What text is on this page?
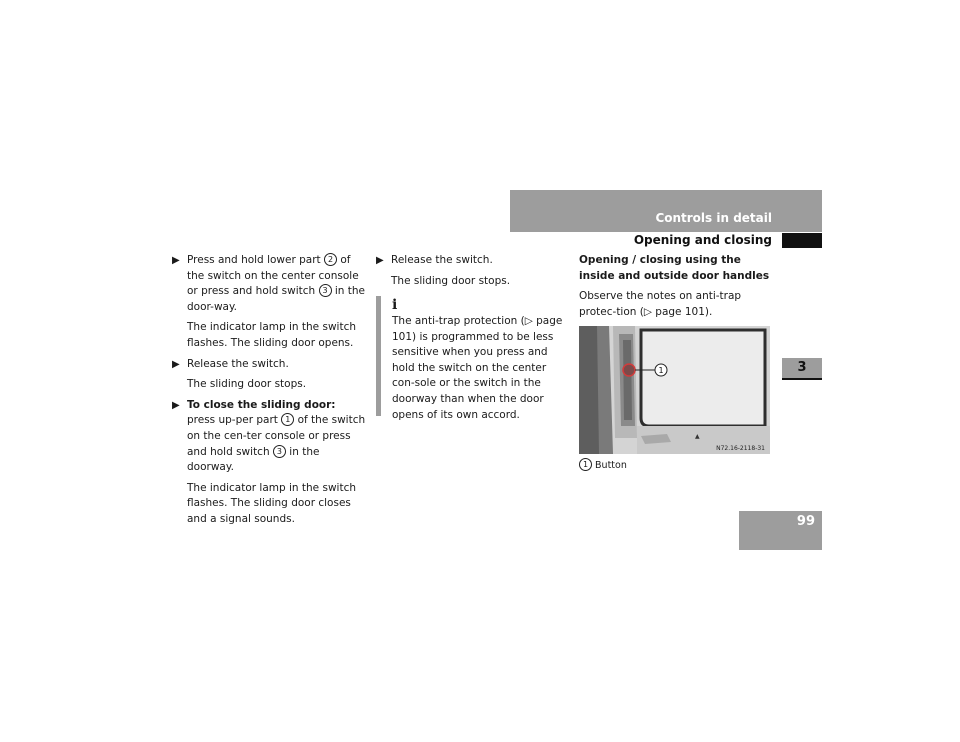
Controls in detail
Opening and closing
3
99
▶ Press and hold lower part 2 of the switch on the center console or press and hold switch 3 in the door-way.

The indicator lamp in the switch flashes. The sliding door opens.

▶ Release the switch.

The sliding door stops.

▶ To close the sliding door: press up-per part 1 of the switch on the cen-ter console or press and hold switch 3 in the doorway.

The indicator lamp in the switch flashes. The sliding door closes and a signal sounds.

▶ Release the switch.

The sliding door stops.

i
The anti-trap protection (▷ page 101) is programmed to be less sensitive when you press and hold the switch on the center con-sole or the switch in the doorway than when the door opens of its own accord.

Opening / closing using the inside and outside door handles

Observe the notes on anti-trap protec-tion (▷ page 101).

1
▲
N72.16-2118-31
1 Button
